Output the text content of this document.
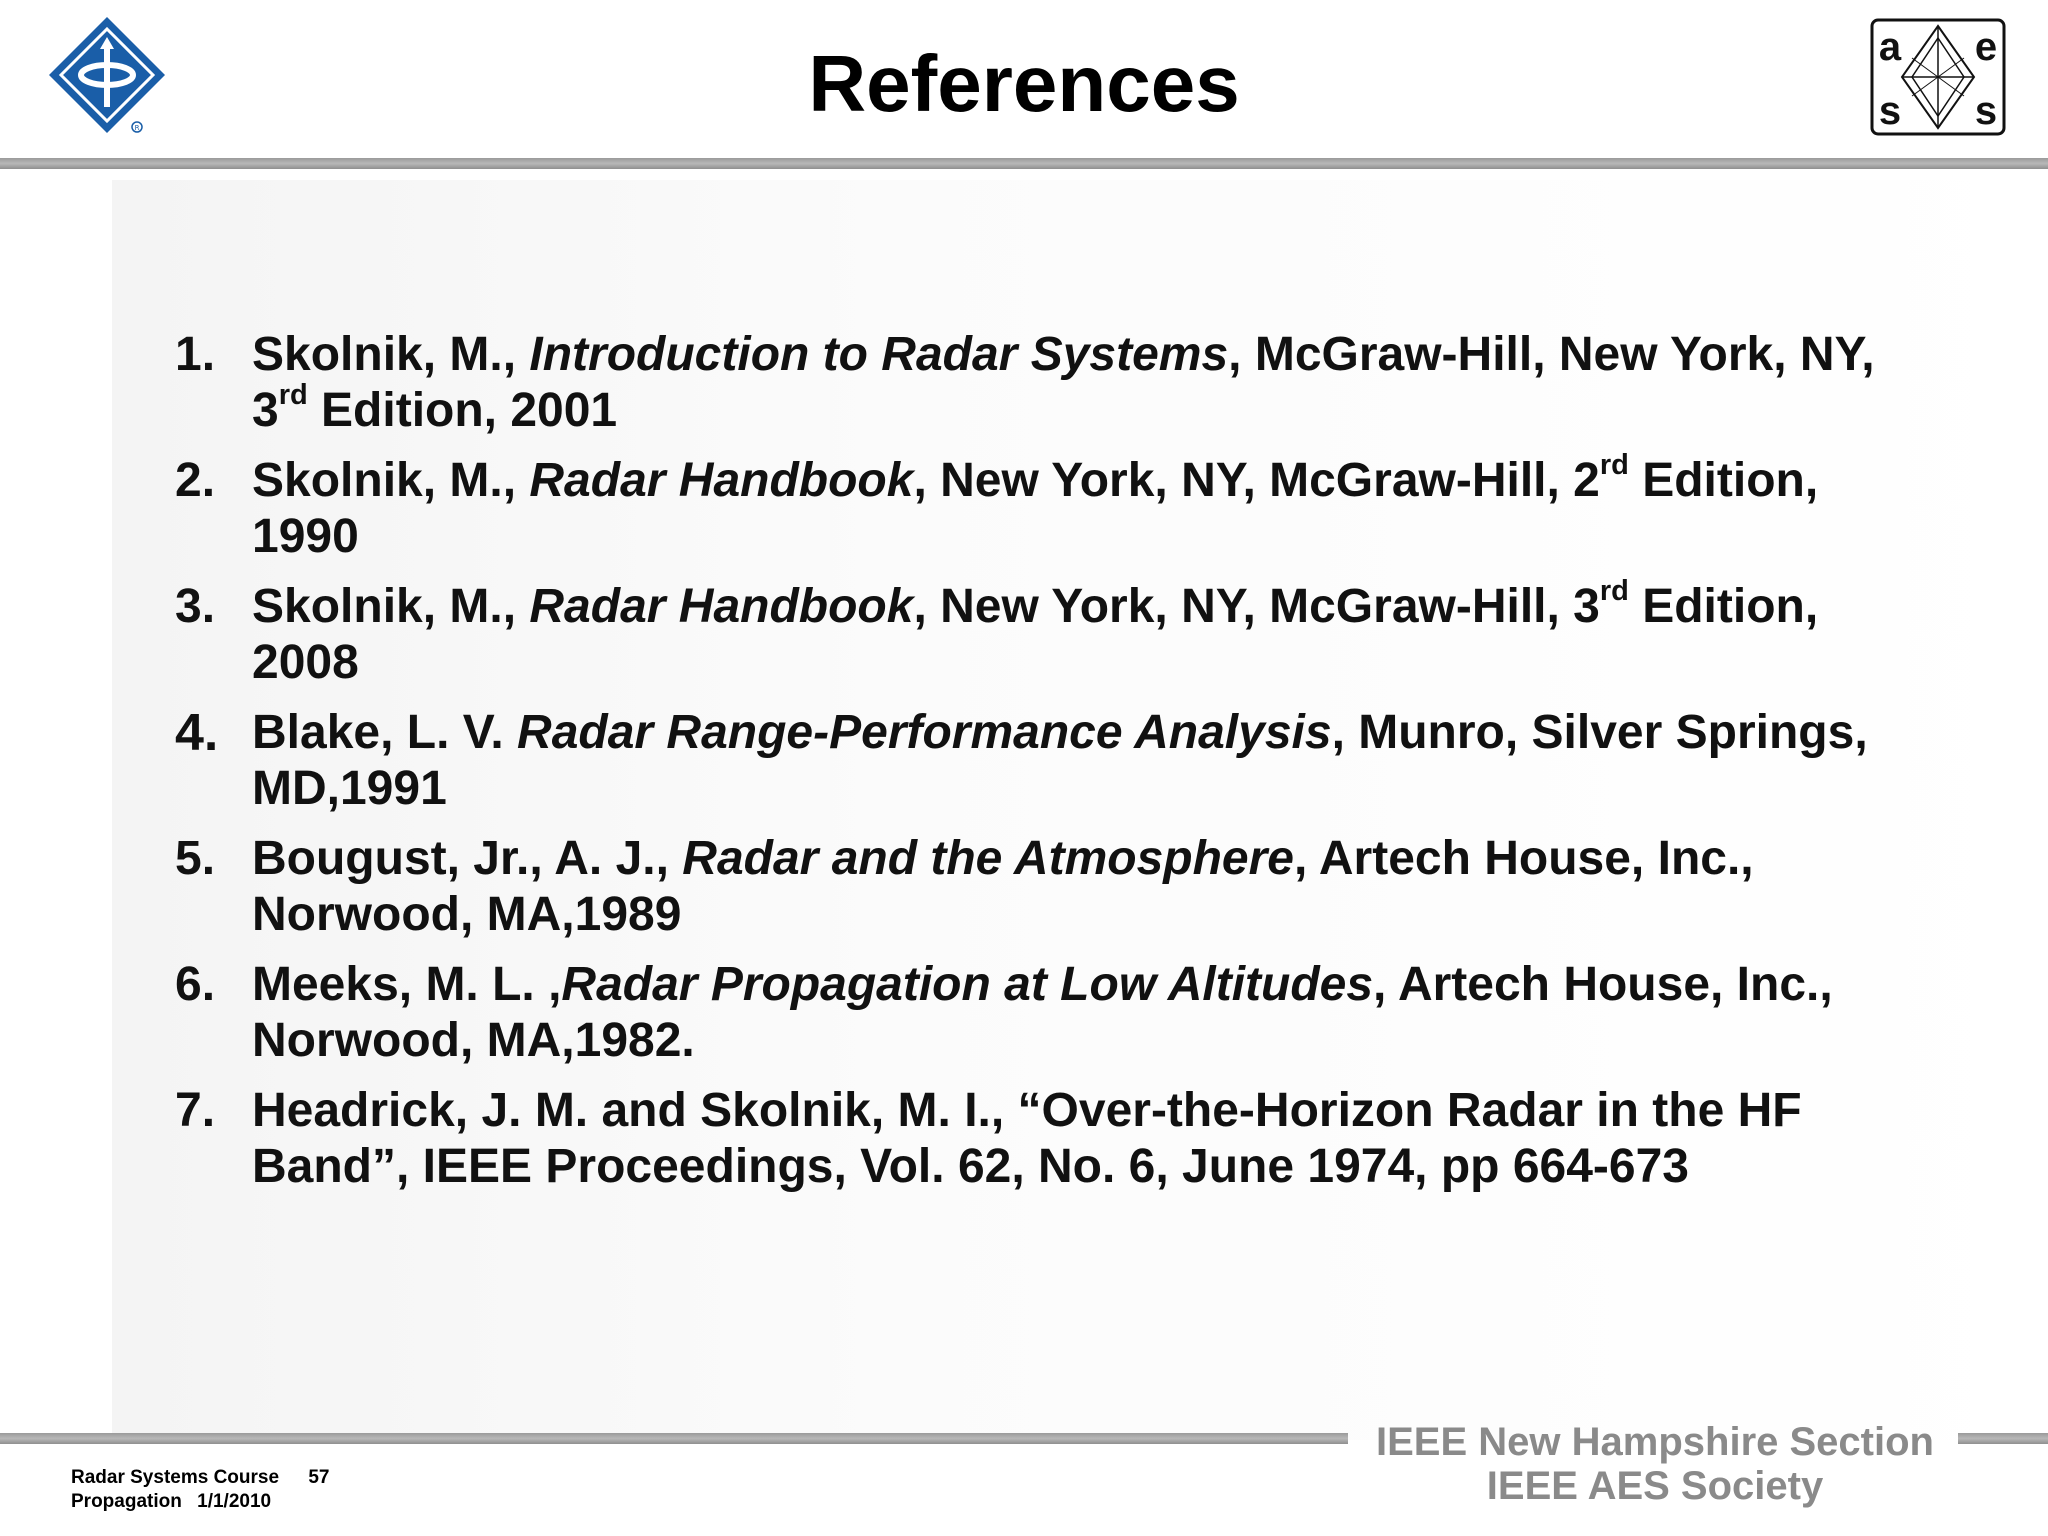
R
a e
s s
References
1. Skolnik, M., Introduction to Radar Systems, McGraw-Hill, New York, NY, 3rd Edition, 2001
2. Skolnik, M., Radar Handbook, New York, NY, McGraw-Hill, 2rd Edition, 1990
3. Skolnik, M., Radar Handbook, New York, NY, McGraw-Hill, 3rd Edition, 2008
4. Blake, L. V. Radar Range-Performance Analysis, Munro, Silver Springs, MD,1991
5. Bougust, Jr., A. J., Radar and the Atmosphere, Artech House, Inc., Norwood, MA,1989
6. Meeks, M. L. ,Radar Propagation at Low Altitudes, Artech House, Inc., Norwood, MA,1982.
7. Headrick, J. M. and Skolnik, M. I., “Over-the-Horizon Radar in the HF Band”, IEEE Proceedings, Vol. 62, No. 6, June 1974, pp 664-673
IEEE New Hampshire Section
IEEE AES Society
Radar Systems Course 57
Propagation 1/1/2010
